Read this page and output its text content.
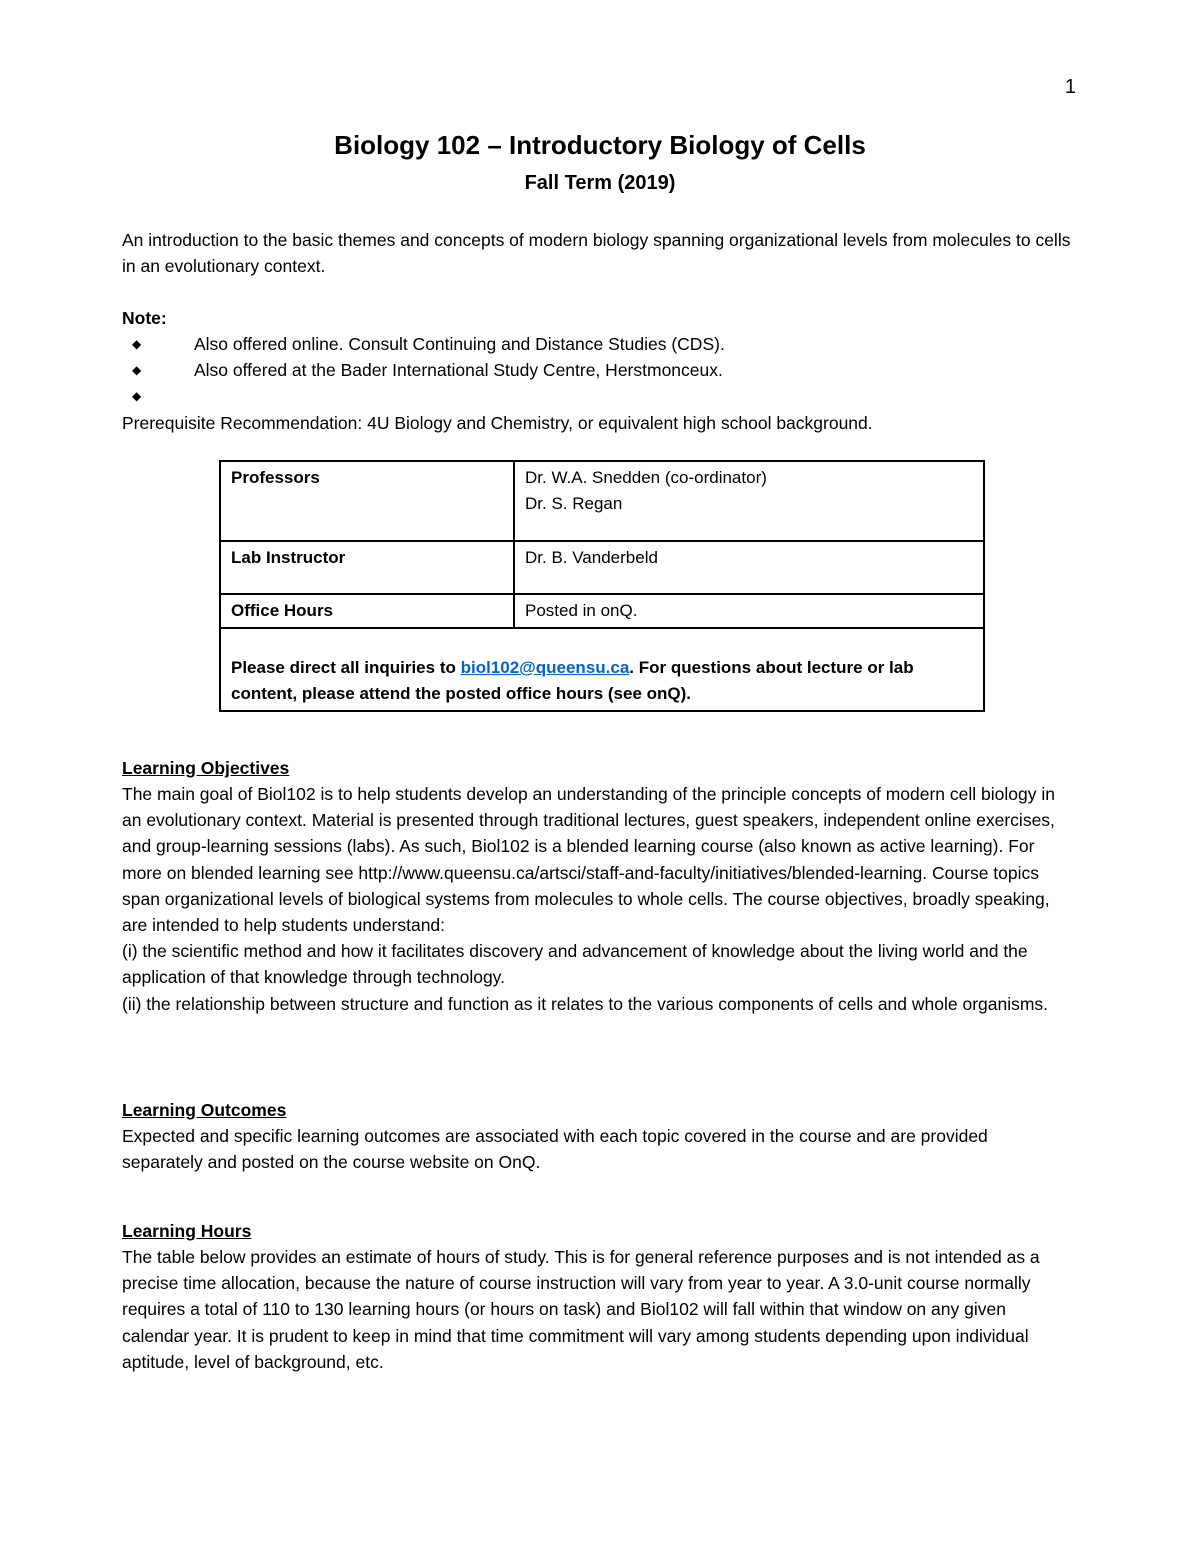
1
Biology 102 – Introductory Biology of Cells
Fall Term (2019)
An introduction to the basic themes and concepts of modern biology spanning organizational levels from molecules to cells in an evolutionary context.
Note:
◆	Also offered online. Consult Continuing and Distance Studies (CDS).
◆	Also offered at the Bader International Study Centre, Herstmonceux.
◆
Prerequisite Recommendation: 4U Biology and Chemistry, or equivalent high school background.
Professors	Dr. W.A. Snedden (co-ordinator)
Dr. S. Regan

Lab Instructor	Dr. B. Vanderbeld
Office Hours	Posted in onQ.
Please direct all inquiries to biol102@queensu.ca. For questions about lecture or lab content, please attend the posted office hours (see onQ).	
Learning Objectives
The main goal of Biol102 is to help students develop an understanding of the principle concepts of modern cell biology in an evolutionary context. Material is presented through traditional lectures, guest speakers, independent online exercises, and group-learning sessions (labs). As such, Biol102 is a blended learning course (also known as active learning). For more on blended learning see http://www.queensu.ca/artsci/staff-and-faculty/initiatives/blended-learning. Course topics span organizational levels of biological systems from molecules to whole cells. The course objectives, broadly speaking, are intended to help students understand:
(i) the scientific method and how it facilitates discovery and advancement of knowledge about the living world and the application of that knowledge through technology.
(ii) the relationship between structure and function as it relates to the various components of cells and whole organisms.
Learning Outcomes
Expected and specific learning outcomes are associated with each topic covered in the course and are provided separately and posted on the course website on OnQ.
Learning Hours
The table below provides an estimate of hours of study. This is for general reference purposes and is not intended as a precise time allocation, because the nature of course instruction will vary from year to year. A 3.0-unit course normally requires a total of 110 to 130 learning hours (or hours on task) and Biol102 will fall within that window on any given calendar year. It is prudent to keep in mind that time commitment will vary among students depending upon individual aptitude, level of background, etc.
